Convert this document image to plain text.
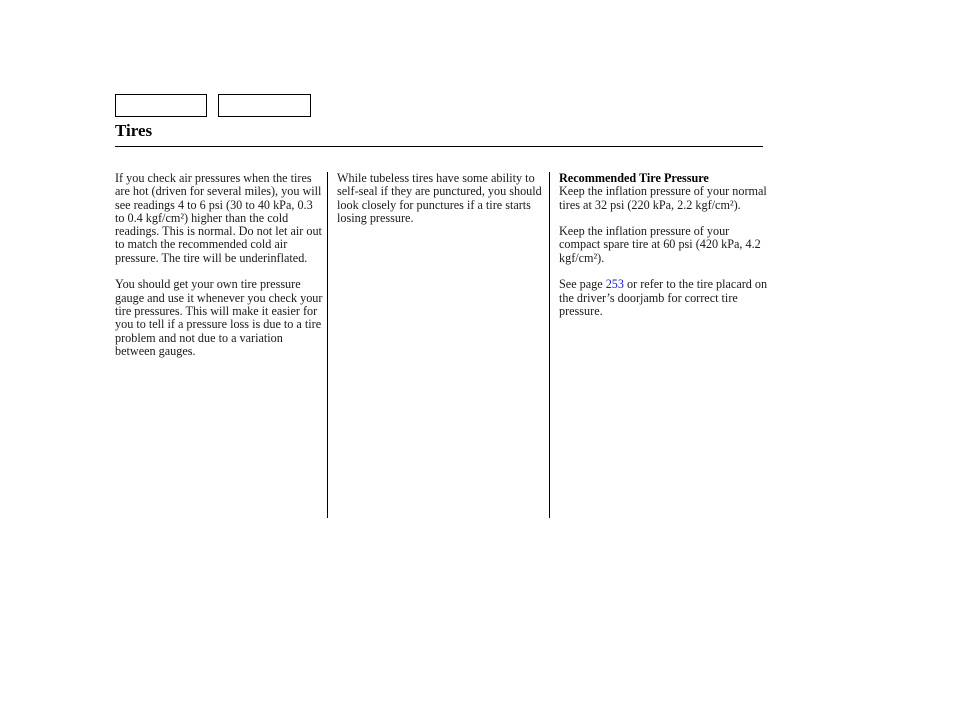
Tires

If you check air pressures when the tires are hot (driven for several miles), you will see readings 4 to 6 psi (30 to 40 kPa, 0.3 to 0.4 kgf/cm²) higher than the cold readings. This is normal. Do not let air out to match the recommended cold air pressure. The tire will be underinflated.

You should get your own tire pressure gauge and use it whenever you check your tire pressures. This will make it easier for you to tell if a pressure loss is due to a tire problem and not due to a variation between gauges.

While tubeless tires have some ability to self-seal if they are punctured, you should look closely for punctures if a tire starts losing pressure.

Recommended Tire Pressure
Keep the inflation pressure of your normal tires at 32 psi (220 kPa, 2.2 kgf/cm²).

Keep the inflation pressure of your compact spare tire at 60 psi (420 kPa, 4.2 kgf/cm²).

See page 253 or refer to the tire placard on the driver’s doorjamb for correct tire pressure.
